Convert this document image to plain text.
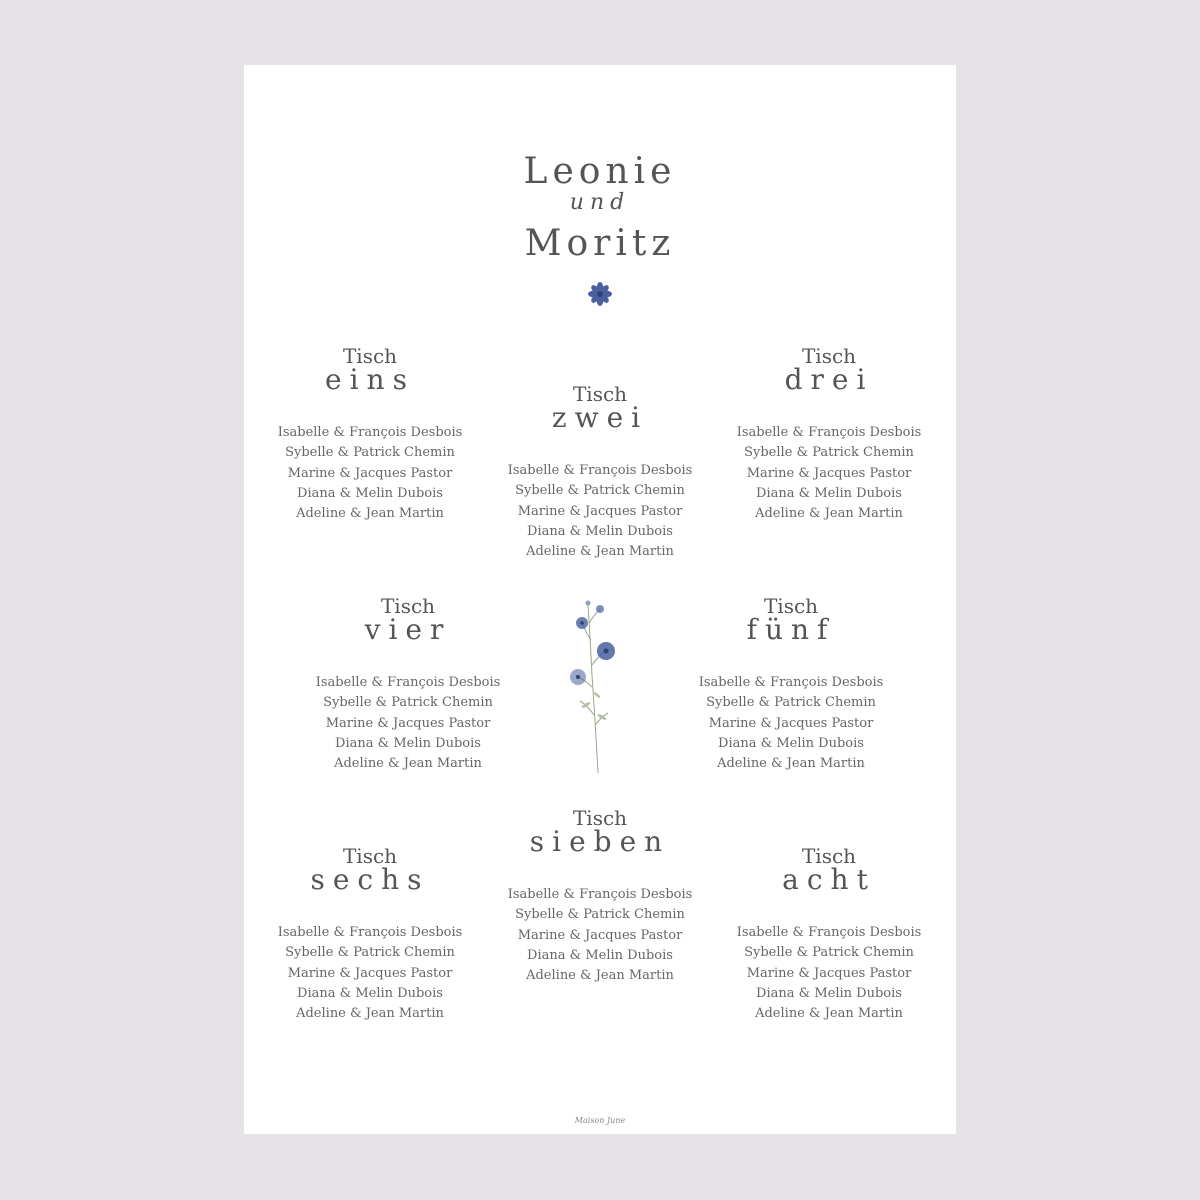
Leonie
und
Moritz
Tisch
eins
Isabelle & François Desbois
Sybelle & Patrick Chemin
Marine & Jacques Pastor
Diana & Melin Dubois
Adeline & Jean Martin
Tisch
zwei
Isabelle & François Desbois
Sybelle & Patrick Chemin
Marine & Jacques Pastor
Diana & Melin Dubois
Adeline & Jean Martin
Tisch
drei
Isabelle & François Desbois
Sybelle & Patrick Chemin
Marine & Jacques Pastor
Diana & Melin Dubois
Adeline & Jean Martin
Tisch
vier
Isabelle & François Desbois
Sybelle & Patrick Chemin
Marine & Jacques Pastor
Diana & Melin Dubois
Adeline & Jean Martin
Tisch
fünf
Isabelle & François Desbois
Sybelle & Patrick Chemin
Marine & Jacques Pastor
Diana & Melin Dubois
Adeline & Jean Martin
Tisch
sechs
Isabelle & François Desbois
Sybelle & Patrick Chemin
Marine & Jacques Pastor
Diana & Melin Dubois
Adeline & Jean Martin
Tisch
sieben
Isabelle & François Desbois
Sybelle & Patrick Chemin
Marine & Jacques Pastor
Diana & Melin Dubois
Adeline & Jean Martin
Tisch
acht
Isabelle & François Desbois
Sybelle & Patrick Chemin
Marine & Jacques Pastor
Diana & Melin Dubois
Adeline & Jean Martin
Maison June
